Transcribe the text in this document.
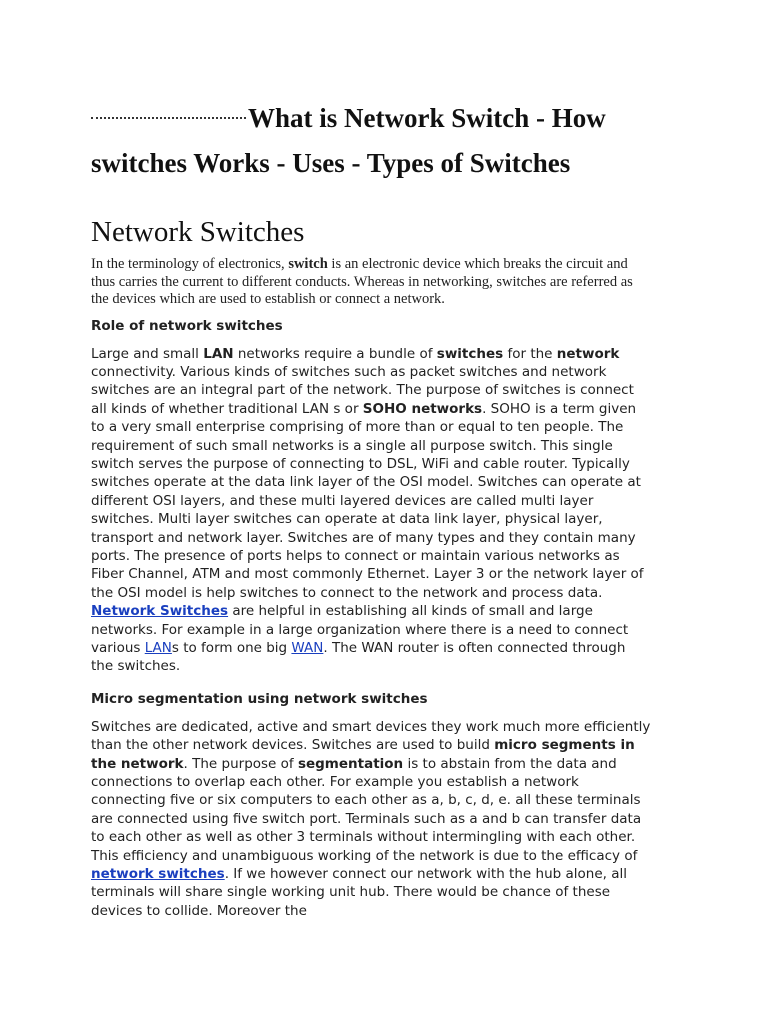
What is Network Switch - How switches Works - Uses - Types of Switches
Network Switches

In the terminology of electronics, switch is an electronic device which breaks the circuit and thus carries the current to different conducts. Whereas in networking, switches are referred as the devices which are used to establish or connect a network.

Role of network switches

Large and small LAN networks require a bundle of switches for the network connectivity. Various kinds of switches such as packet switches and network switches are an integral part of the network. The purpose of switches is connect all kinds of whether traditional LAN s or SOHO networks. SOHO is a term given to a very small enterprise comprising of more than or equal to ten people. The requirement of such small networks is a single all purpose switch. This single switch serves the purpose of connecting to DSL, WiFi and cable router. Typically switches operate at the data link layer of the OSI model. Switches can operate at different OSI layers, and these multi layered devices are called multi layer switches. Multi layer switches can operate at data link layer, physical layer, transport and network layer. Switches are of many types and they contain many ports. The presence of ports helps to connect or maintain various networks as Fiber Channel, ATM and most commonly Ethernet. Layer 3 or the network layer of the OSI model is help switches to connect to the network and process data. Network Switches are helpful in establishing all kinds of small and large networks. For example in a large organization where there is a need to connect various LANs to form one big WAN. The WAN router is often connected through the switches.

Micro segmentation using network switches

Switches are dedicated, active and smart devices they work much more efficiently than the other network devices. Switches are used to build micro segments in the network. The purpose of segmentation is to abstain from the data and connections to overlap each other. For example you establish a network connecting five or six computers to each other as a, b, c, d, e. all these terminals are connected using five switch port. Terminals such as a and b can transfer data to each other as well as other 3 terminals without intermingling with each other. This efficiency and unambiguous working of the network is due to the efficacy of network switches. If we however connect our network with the hub alone, all terminals will share single working unit hub. There would be chance of these devices to collide. Moreover the
